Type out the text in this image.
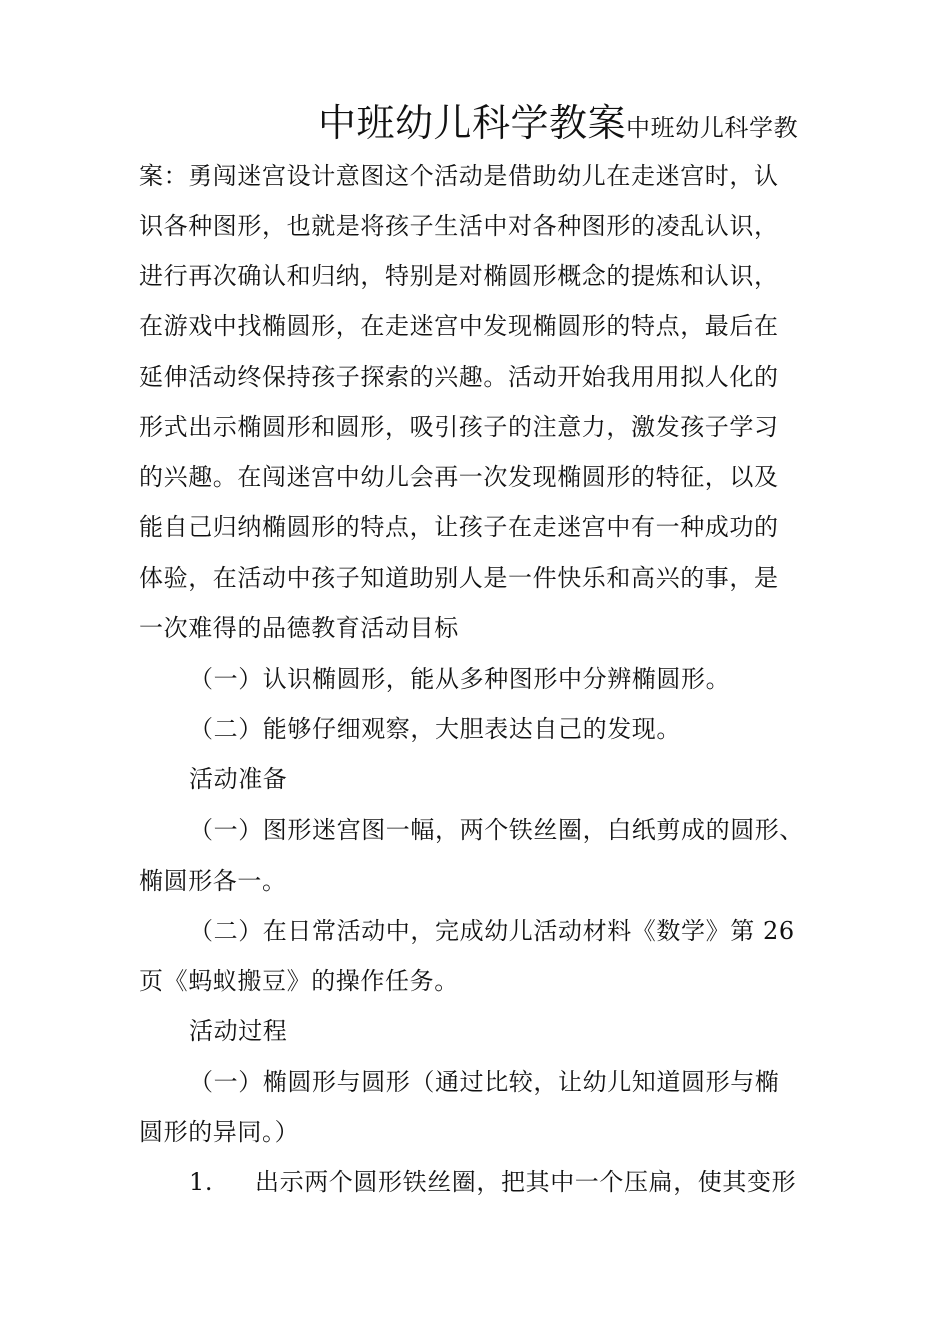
中班幼儿科学教案中班幼儿科学教
案：勇闯迷宫设计意图这个活动是借助幼儿在走迷宫时，认
识各种图形，也就是将孩子生活中对各种图形的凌乱认识，
进行再次确认和归纳，特别是对椭圆形概念的提炼和认识，
在游戏中找椭圆形，在走迷宫中发现椭圆形的特点，最后在
延伸活动终保持孩子探索的兴趣。活动开始我用用拟人化的
形式出示椭圆形和圆形，吸引孩子的注意力，激发孩子学习
的兴趣。在闯迷宫中幼儿会再一次发现椭圆形的特征，以及
能自己归纳椭圆形的特点，让孩子在走迷宫中有一种成功的
体验，在活动中孩子知道助别人是一件快乐和高兴的事，是
一次难得的品德教育活动目标
（一）认识椭圆形，能从多种图形中分辨椭圆形。
（二）能够仔细观察，大胆表达自己的发现。
活动准备
（一）图形迷宫图一幅，两个铁丝圈，白纸剪成的圆形、
椭圆形各一。
（二）在日常活动中，完成幼儿活动材料《数学》第 26
页《蚂蚁搬豆》的操作任务。
活动过程
（一）椭圆形与圆形（通过比较，让幼儿知道圆形与椭
圆形的异同。）
1. 出示两个圆形铁丝圈，把其中一个压扁，使其变形
